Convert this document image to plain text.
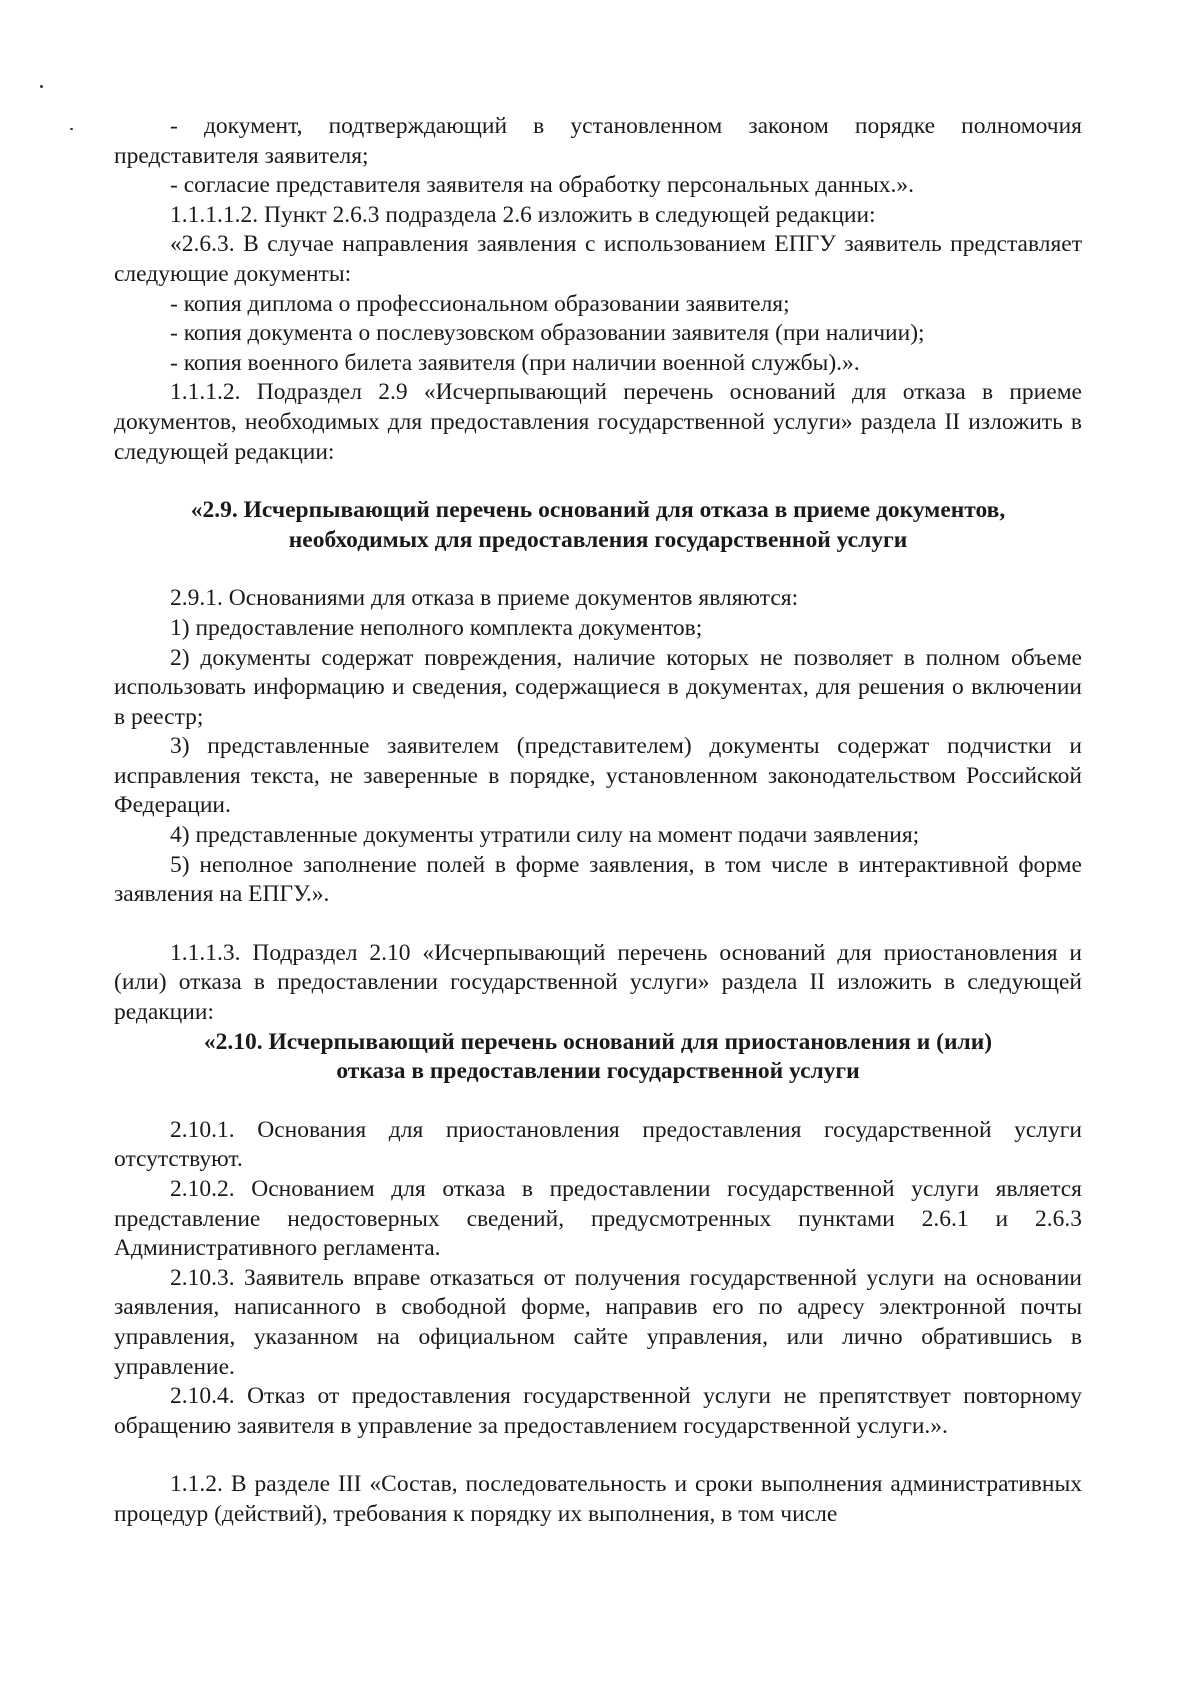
- документ, подтверждающий в установленном законом порядке полномочия представителя заявителя;

- согласие представителя заявителя на обработку персональных данных.».

1.1.1.1.2. Пункт 2.6.3 подраздела 2.6 изложить в следующей редакции:

«2.6.3. В случае направления заявления с использованием ЕПГУ заявитель представляет следующие документы:

- копия диплома о профессиональном образовании заявителя;

- копия документа о послевузовском образовании заявителя (при наличии);

- копия военного билета заявителя (при наличии военной службы).».

1.1.1.2. Подраздел 2.9 «Исчерпывающий перечень оснований для отказа в приеме документов, необходимых для предоставления государственной услуги» раздела II изложить в следующей редакции:

«2.9. Исчерпывающий перечень оснований для отказа в приеме документов,
необходимых для предоставления государственной услуги

2.9.1. Основаниями для отказа в приеме документов являются:

1) предоставление неполного комплекта документов;

2) документы содержат повреждения, наличие которых не позволяет в полном объеме использовать информацию и сведения, содержащиеся в документах, для решения о включении в реестр;

3) представленные заявителем (представителем) документы содержат подчистки и исправления текста, не заверенные в порядке, установленном законодательством Российской Федерации.

4) представленные документы утратили силу на момент подачи заявления;

5) неполное заполнение полей в форме заявления, в том числе в интерактивной форме заявления на ЕПГУ.».

1.1.1.3. Подраздел 2.10 «Исчерпывающий перечень оснований для приостановления и (или) отказа в предоставлении государственной услуги» раздела II изложить в следующей редакции:

«2.10. Исчерпывающий перечень оснований для приостановления и (или)
отказа в предоставлении государственной услуги

2.10.1. Основания для приостановления предоставления государственной услуги отсутствуют.

2.10.2. Основанием для отказа в предоставлении государственной услуги является представление недостоверных сведений, предусмотренных пунктами 2.6.1 и 2.6.3 Административного регламента.

2.10.3. Заявитель вправе отказаться от получения государственной услуги на основании заявления, написанного в свободной форме, направив его по адресу электронной почты управления, указанном на официальном сайте управления, или лично обратившись в управление.

2.10.4. Отказ от предоставления государственной услуги не препятствует повторному обращению заявителя в управление за предоставлением государственной услуги.».

1.1.2. В разделе III «Состав, последовательность и сроки выполнения административных процедур (действий), требования к порядку их выполнения, в том числе
